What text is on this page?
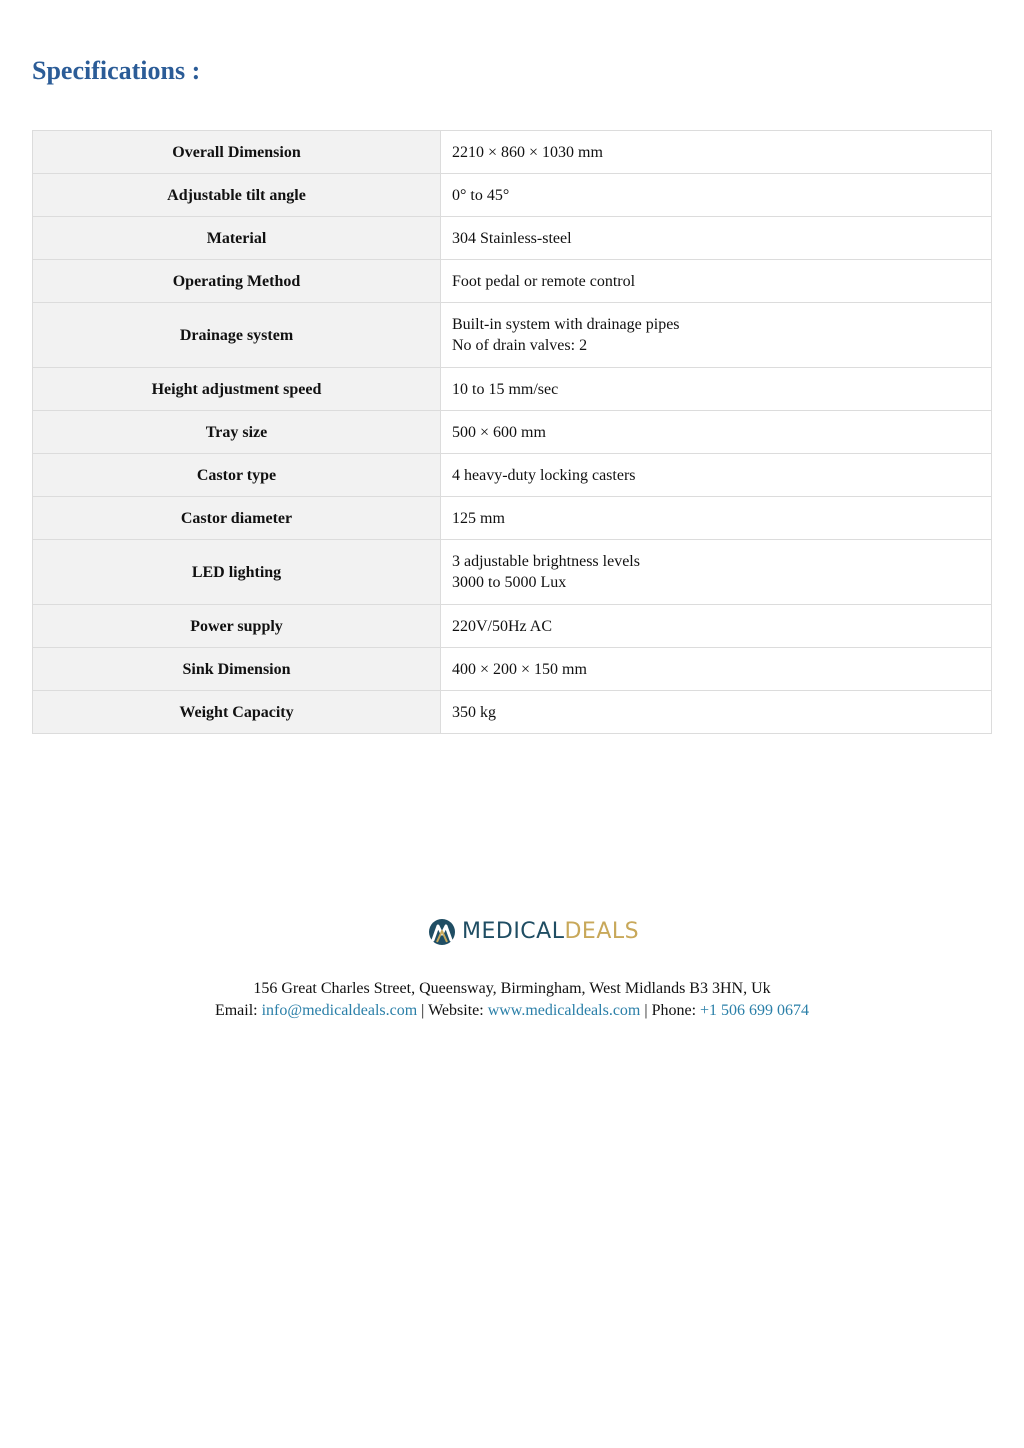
Specifications :
Overall Dimension	2210 × 860 × 1030 mm

Adjustable tilt angle	0° to 45°

Material	304 Stainless-steel

Operating Method	Foot pedal or remote control

Drainage system	Built-in system with drainage pipes
No of drain valves: 2

Height adjustment speed	10 to 15 mm/sec

Tray size	500 × 600 mm

Castor type	4 heavy-duty locking casters

Castor diameter	125 mm

LED lighting	3 adjustable brightness levels
3000 to 5000 Lux

Power supply	220V/50Hz AC

Sink Dimension	400 × 200 × 150 mm

Weight Capacity	350 kg
MEDICALDEALS
156 Great Charles Street, Queensway, Birmingham, West Midlands B3 3HN, Uk
Email: info@medicaldeals.com | Website: www.medicaldeals.com | Phone: +1 506 699 0674
